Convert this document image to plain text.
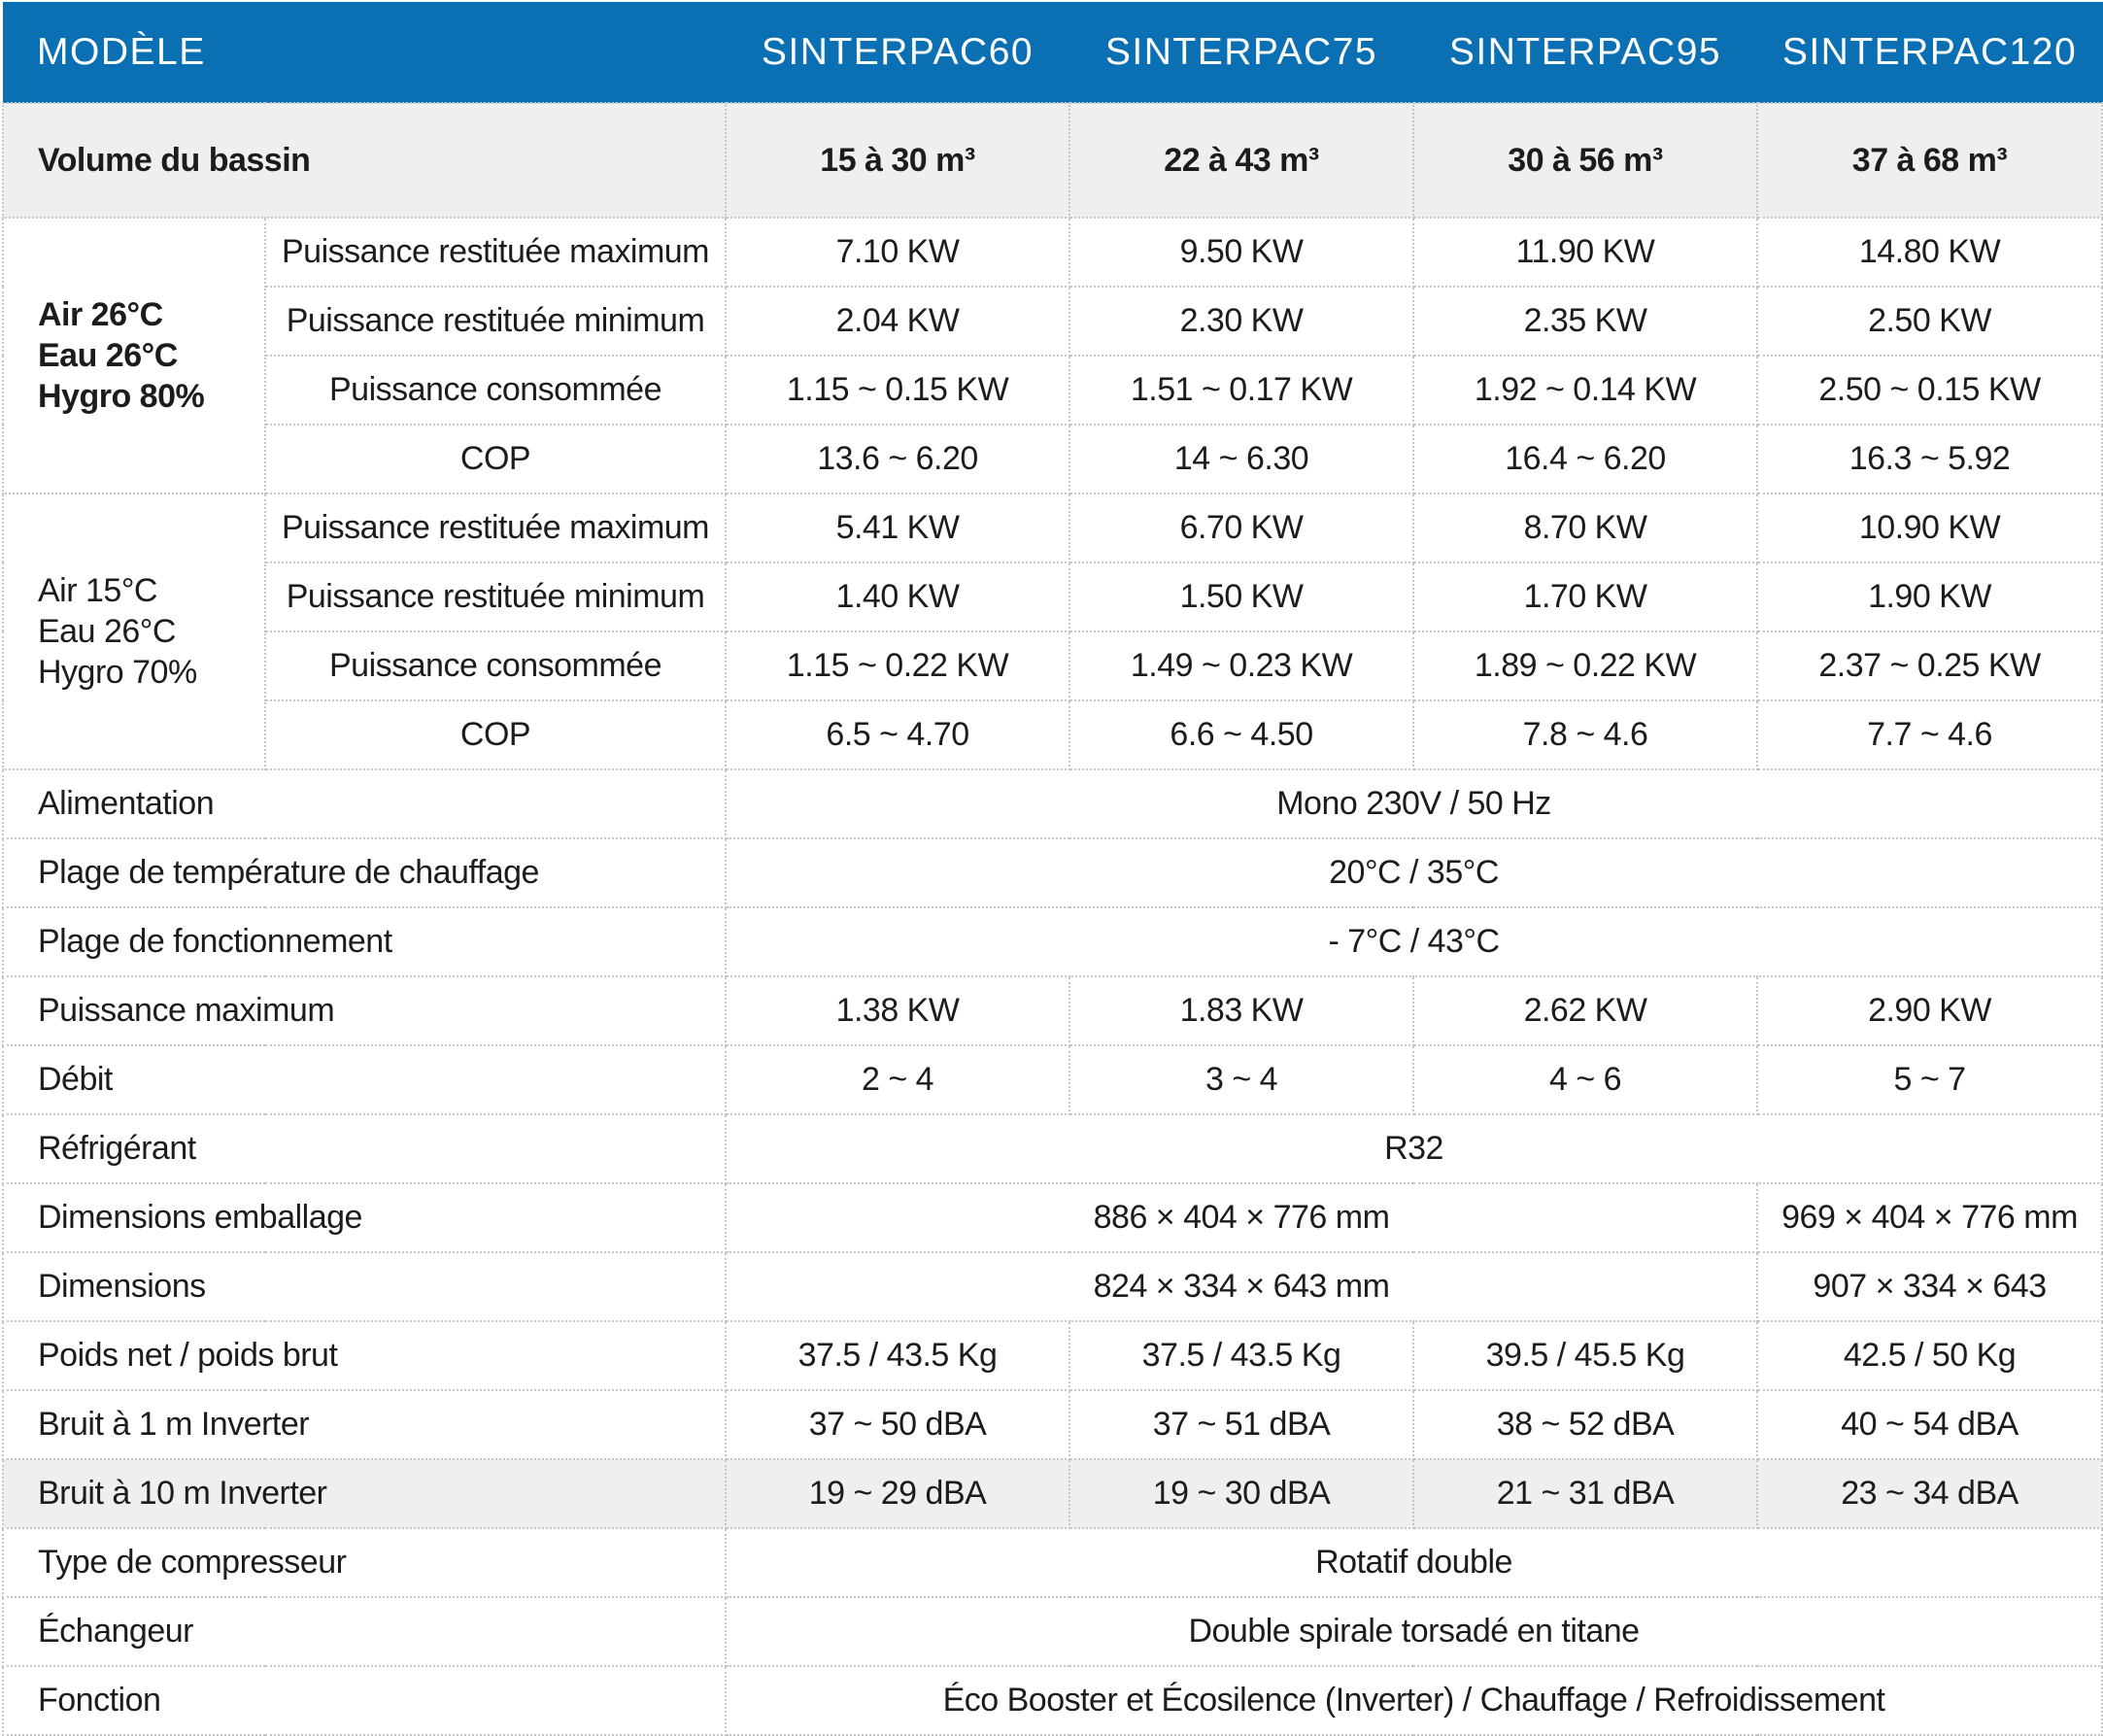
MODÈLE		SINTERPAC60	SINTERPAC75	SINTERPAC95	SINTERPAC120
Volume du bassin		15 à 30 m³	22 à 43 m³	30 à 56 m³	37 à 68 m³

Air 26°C
Eau 26°C
Hygro 80%	Puissance restituée maximum	7.10 KW	9.50 KW	11.90 KW	14.80 KW
	Puissance restituée minimum	2.04 KW	2.30 KW	2.35 KW	2.50 KW
	Puissance consommée	1.15 ~ 0.15 KW	1.51 ~ 0.17 KW	1.92 ~ 0.14 KW	2.50 ~ 0.15 KW
	COP	13.6 ~ 6.20	14 ~ 6.30	16.4 ~ 6.20	16.3 ~ 5.92

Air 15°C
Eau 26°C
Hygro 70%	Puissance restituée maximum	5.41 KW	6.70 KW	8.70 KW	10.90 KW
	Puissance restituée minimum	1.40 KW	1.50 KW	1.70 KW	1.90 KW
	Puissance consommée	1.15 ~ 0.22 KW	1.49 ~ 0.23 KW	1.89 ~ 0.22 KW	2.37 ~ 0.25 KW
	COP	6.5 ~ 4.70	6.6 ~ 4.50	7.8 ~ 4.6	7.7 ~ 4.6
Alimentation		Mono 230V / 50 Hz			
Plage de température de chauffage		20°C / 35°C			
Plage de fonctionnement		- 7°C / 43°C			
Puissance maximum		1.38 KW	1.83 KW	2.62 KW	2.90 KW
Débit		2 ~ 4	3 ~ 4	4 ~ 6	5 ~ 7
Réfrigérant		R32			
Dimensions emballage		886 × 404 × 776 mm			969 × 404 × 776 mm
Dimensions		824 × 334 × 643 mm			907 × 334 × 643
Poids net / poids brut		37.5 / 43.5 Kg	37.5 / 43.5 Kg	39.5 / 45.5 Kg	42.5 / 50 Kg
Bruit à 1 m Inverter		37 ~ 50 dBA	37 ~ 51 dBA	38 ~ 52 dBA	40 ~ 54 dBA
Bruit à 10 m Inverter		19 ~ 29 dBA	19 ~ 30 dBA	21 ~ 31 dBA	23 ~ 34 dBA
Type de compresseur		Rotatif double			
Échangeur		Double spirale torsadé en titane			
Fonction		Éco Booster et Écosilence (Inverter) / Chauffage / Refroidissement			
